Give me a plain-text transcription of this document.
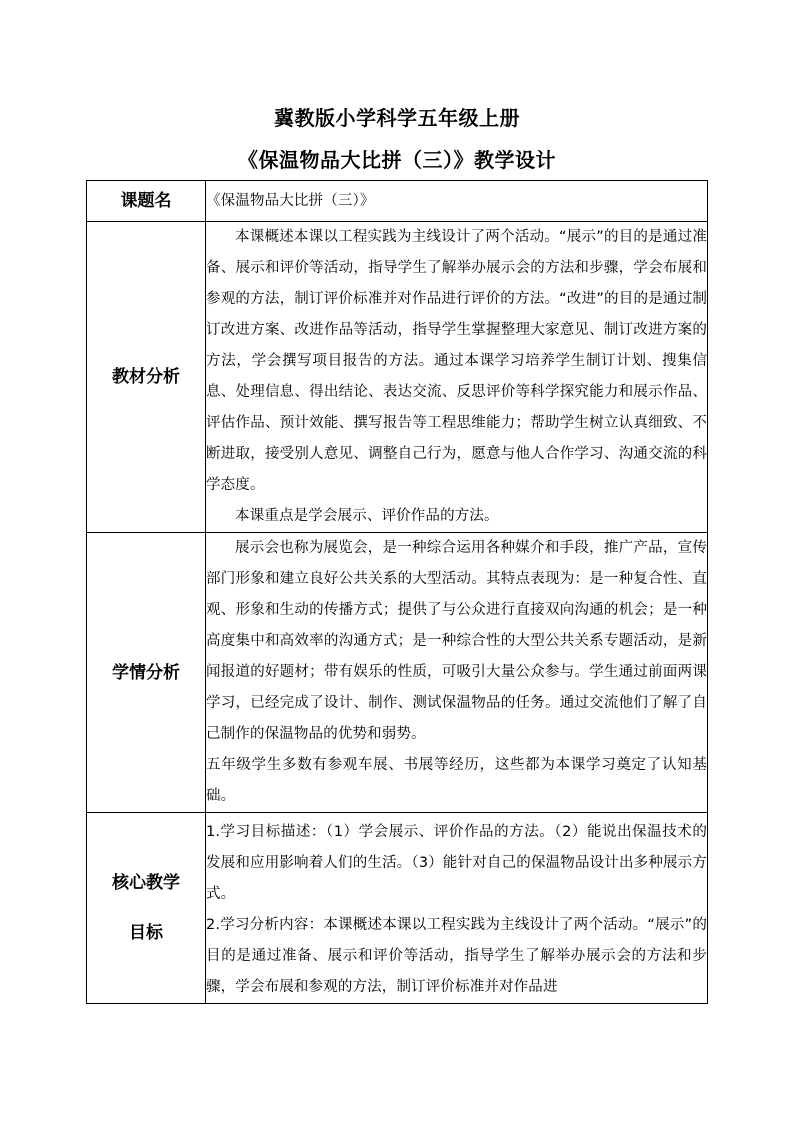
冀教版小学科学五年级上册
《保温物品大比拼（三）》教学设计
课题名	《保温物品大比拼（三）》
教材分析	本课概述本课以工程实践为主线设计了两个活动。“展示”的目的是通过准备、展示和评价等活动，指导学生了解举办展示会的方法和步骤，学会布展和参观的方法，制订评价标准并对作品进行评价的方法。“改进”的目的是通过制订改进方案、改进作品等活动，指导学生掌握整理大家意见、制订改进方案的方法，学会撰写项目报告的方法。通过本课学习培养学生制订计划、搜集信息、处理信息、得出结论、表达交流、反思评价等科学探究能力和展示作品、评估作品、预计效能、撰写报告等工程思维能力；帮助学生树立认真细致、不断进取，接受别人意见、调整自己行为，愿意与他人合作学习、沟通交流的科学态度。
本课重点是学会展示、评价作品的方法。

学情分析	展示会也称为展览会，是一种综合运用各种媒介和手段，推广产品，宣传部门形象和建立良好公共关系的大型活动。其特点表现为：是一种复合性、直观、形象和生动的传播方式；提供了与公众进行直接双向沟通的机会；是一种高度集中和高效率的沟通方式；是一种综合性的大型公共关系专题活动，是新闻报道的好题材；带有娱乐的性质，可吸引大量公众参与。学生通过前面两课学习，已经完成了设计、制作、测试保温物品的任务。通过交流他们了解了自己制作的保温物品的优势和弱势。
五年级学生多数有参观车展、书展等经历，这些都为本课学习奠定了认知基础。

核心教学
目标	1.学习目标描述：（1）学会展示、评价作品的方法。（2）能说出保温技术的发展和应用影响着人们的生活。（3）能针对自己的保温物品设计出多种展示方式。
2.学习分析内容：本课概述本课以工程实践为主线设计了两个活动。“展示”的目的是通过准备、展示和评价等活动，指导学生了解举办展示会的方法和步骤，学会布展和参观的方法，制订评价标准并对作品进
